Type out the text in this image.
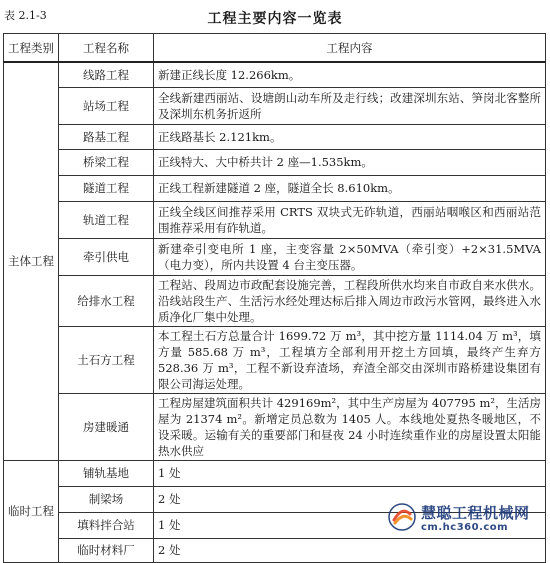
表 2.1-3	工程主要内容一览表
工程类别	工程名称	工程内容
主体工程	线路工程	新建正线长度 12.266km。
	站场工程	全线新建西丽站、设塘朗山动车所及走行线；改建深圳东站、笋岗北客整所及深圳东机务折返所
	路基工程	正线路基长 2.121km。
	桥梁工程	正线特大、大中桥共计 2 座—1.535km。
	隧道工程	正线工程新建隧道 2 座，隧道全长 8.610km。
	轨道工程	正线全线区间推荐采用 CRTS 双块式无砟轨道，西丽站咽喉区和西丽站范围推荐采用有砟轨道。
	牵引供电	新建牵引变电所 1 座，主变容量 2×50MVA（牵引变）+2×31.5MVA（电力变），所内共设置 4 台主变压器。
	给排水工程	工程站、段周边市政配套设施完善，工程段所供水均来自市政自来水供水。沿线站段生产、生活污水经处理达标后排入周边市政污水管网，最终进入水质净化厂集中处理。
	土石方工程	本工程土石方总量合计 1699.72 万 m³，其中挖方量 1114.04 万 m³，填方量 585.68 万 m³，工程填方全部利用开挖土方回填，最终产生弃方 528.36 万 m³，工程不新设弃渣场，弃渣全部交由深圳市路桥建设集团有限公司海运处理。
	房建暖通	工程房屋建筑面积共计 429169m²，其中生产房屋为 407795 m²，生活房屋为 21374 m²。新增定员总数为 1405 人。本线地处夏热冬暖地区，不设采暖。运输有关的重要部门和昼夜 24 小时连续重作业的房屋设置太阳能热水供应
临时工程	铺轨基地	1 处
	制梁场	2 处
	填料拌合站	1 处
	临时材料厂	2 处
慧聪工程机械网
cm.hc360.com
